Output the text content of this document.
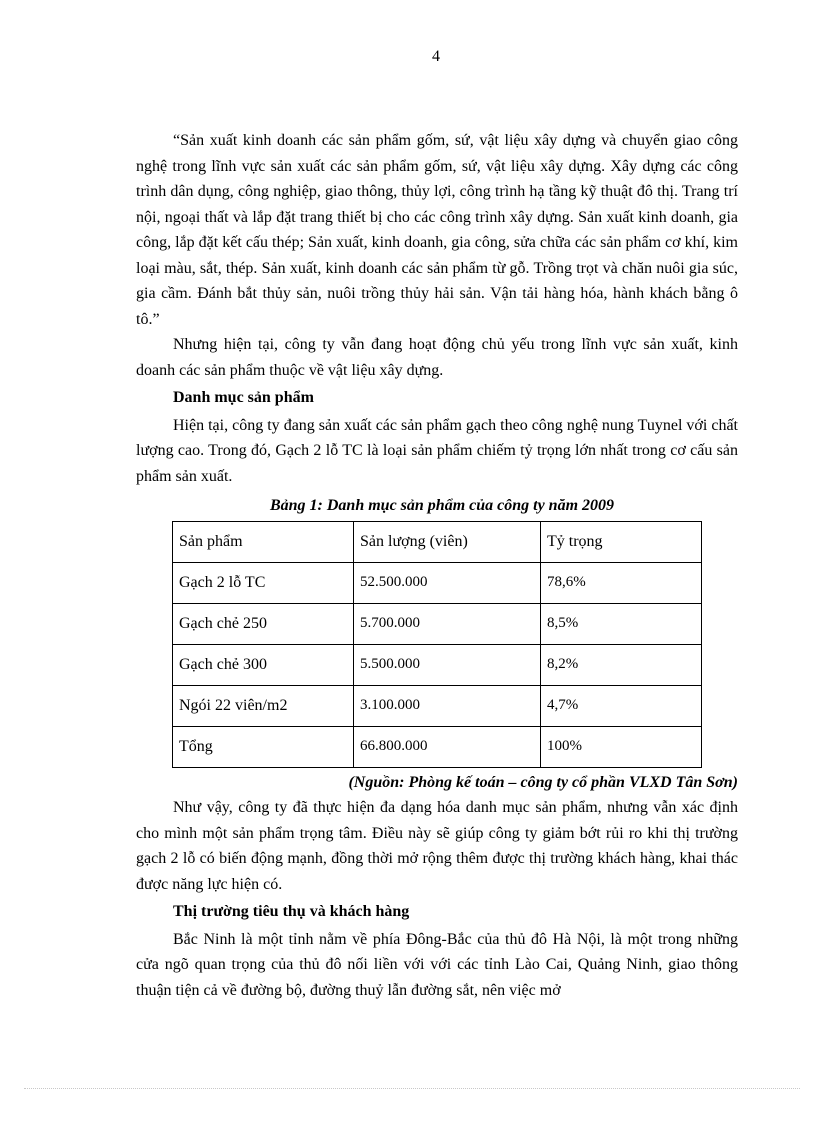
4

“Sản xuất kinh doanh các sản phẩm gốm, sứ, vật liệu xây dựng và chuyển giao công nghệ trong lĩnh vực sản xuất các sản phẩm gốm, sứ, vật liệu xây dựng. Xây dựng các công trình dân dụng, công nghiệp, giao thông, thủy lợi, công trình hạ tầng kỹ thuật đô thị. Trang trí nội, ngoại thất và lắp đặt trang thiết bị cho các công trình xây dựng. Sản xuất kinh doanh, gia công, lắp đặt kết cấu thép; Sản xuất, kinh doanh, gia công, sửa chữa các sản phẩm cơ khí, kim loại màu, sắt, thép. Sản xuất, kinh doanh các sản phẩm từ gỗ. Trồng trọt và chăn nuôi gia súc, gia cầm. Đánh bắt thủy sản, nuôi trồng thủy hải sản. Vận tải hàng hóa, hành khách bằng ô tô.”

Nhưng hiện tại, công ty vẫn đang hoạt động chủ yếu trong lĩnh vực sản xuất, kinh doanh các sản phẩm thuộc về vật liệu xây dựng.

Danh mục sản phẩm

Hiện tại, công ty đang sản xuất các sản phẩm gạch theo công nghệ nung Tuynel với chất lượng cao. Trong đó, Gạch 2 lỗ TC là loại sản phẩm chiếm tỷ trọng lớn nhất trong cơ cấu sản phẩm sản xuất.

Bảng 1: Danh mục sản phẩm của công ty năm 2009
Sản phẩm	Sản lượng (viên)	Tỷ trọng
Gạch 2 lỗ TC	52.500.000	78,6%
Gạch chẻ 250	5.700.000	8,5%
Gạch chẻ 300	5.500.000	8,2%
Ngói 22 viên/m2	3.100.000	4,7%
Tổng	66.800.000	100%
(Nguồn: Phòng kế toán – công ty cổ phần VLXD Tân Sơn)

Như vậy, công ty đã thực hiện đa dạng hóa danh mục sản phẩm, nhưng vẫn xác định cho mình một sản phẩm trọng tâm. Điều này sẽ giúp công ty giảm bớt rủi ro khi thị trường gạch 2 lỗ có biến động mạnh, đồng thời mở rộng thêm được thị trường khách hàng, khai thác được năng lực hiện có.

Thị trường tiêu thụ và khách hàng

Bắc Ninh là một tỉnh nằm về phía Đông-Bắc của thủ đô Hà Nội, là một trong những cửa ngõ quan trọng của thủ đô nối liền với với các tỉnh Lào Cai, Quảng Ninh, giao thông thuận tiện cả về đường bộ, đường thuỷ lẫn đường sắt, nên việc mở
